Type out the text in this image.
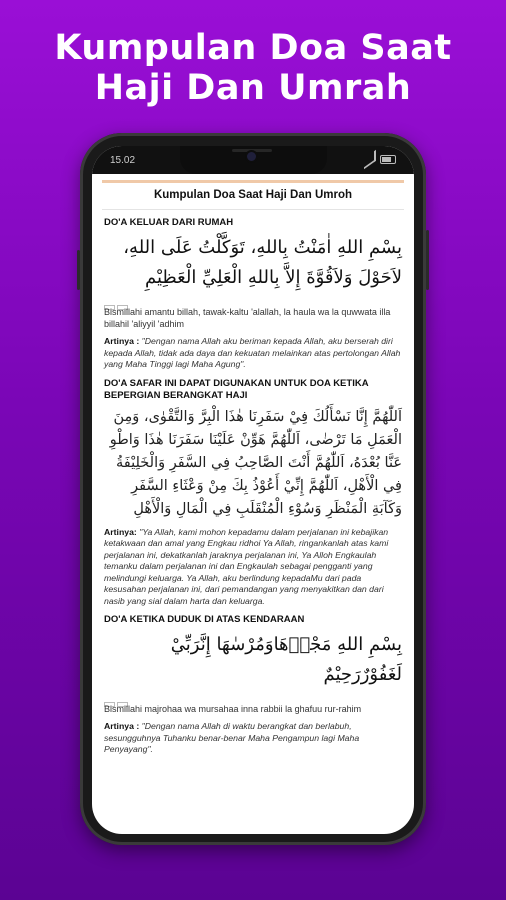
Kumpulan Doa Saat
Haji Dan Umrah
15.02
Kumpulan Doa Saat Haji Dan Umroh
DO'A KELUAR DARI RUMAH
بِسْمِ اللهِ اٰمَنْتُ بِاللهِ، تَوَكَّلْتُ عَلَى اللهِ، لاَحَوْلَ وَلاَقُوَّةَ إِلاَّ بِاللهِ الْعَلِيِّ الْعَظِيْمِ
Bismillahi amantu billah, tawak-kaltu 'alallah, la haula wa la quwwata illa billahil 'aliyyil 'adhim
Artinya : "Dengan nama Allah aku beriman kepada Allah, aku berserah diri kepada Allah, tidak ada daya dan kekuatan melainkan atas pertolongan Allah yang Maha Tinggi lagi Maha Agung".
DO'A SAFAR INI DAPAT DIGUNAKAN UNTUK DOA KETIKA BEPERGIAN BERANGKAT HAJI
اَللّٰهُمَّ إِنَّا نَسْأَلُكَ فِيْ سَفَرِنَا هٰذَا الْبِرَّ وَالتَّقْوٰى، وَمِنَ الْعَمَلِ مَا تَرْضٰى، اَللّٰهُمَّ هَوِّنْ عَلَيْنَا سَفَرَنَا هٰذَا وَاطْوِ عَنَّا بُعْدَهُ، اَللّٰهُمَّ أَنْتَ الصَّاحِبُ فِي السَّفَرِ وَالْخَلِيْفَةُ فِي الْأَهْلِ، اَللّٰهُمَّ إِنِّيْ أَعُوْذُ بِكَ مِنْ وَعْثَاءِ السَّفَرِ وَكَآبَةِ الْمَنْظَرِ وَسُوْءِ الْمُنْقَلَبِ فِي الْمَالِ وَالْأَهْلِ
Artinya: "Ya Allah, kami mohon kepadamu dalam perjalanan ini kebajikan ketakwaan dan amal yang Engkau ridhoi Ya Allah, ringankanlah atas kami perjalanan ini, dekatkanlah jaraknya perjalanan ini, Ya Alloh Engkaulah temanku dalam perjalanan ini dan Engkaulah sebagai pengganti yang melindungi keluarga. Ya Allah, aku berlindung kepadaMu dari pada kesusahan perjalanan ini, dari pemandangan yang menyakitkan dan dari nasib yang sial dalam harta dan keluarga.
DO'A KETIKA DUDUK DI ATAS KENDARAAN
بِسْمِ اللهِ مَجْرٖهَاوَمُرْسٰهَا إِنَّرَبِّيْ لَغَفُوْرٌرَحِيْمٌ
Bismillahi majrohaa wa mursahaa inna rabbii la ghafuu rur-rahim
Artinya : "Dengan nama Allah di waktu berangkat dan berlabuh, sesungguhnya Tuhanku benar-benar Maha Pengampun lagi Maha Penyayang".
